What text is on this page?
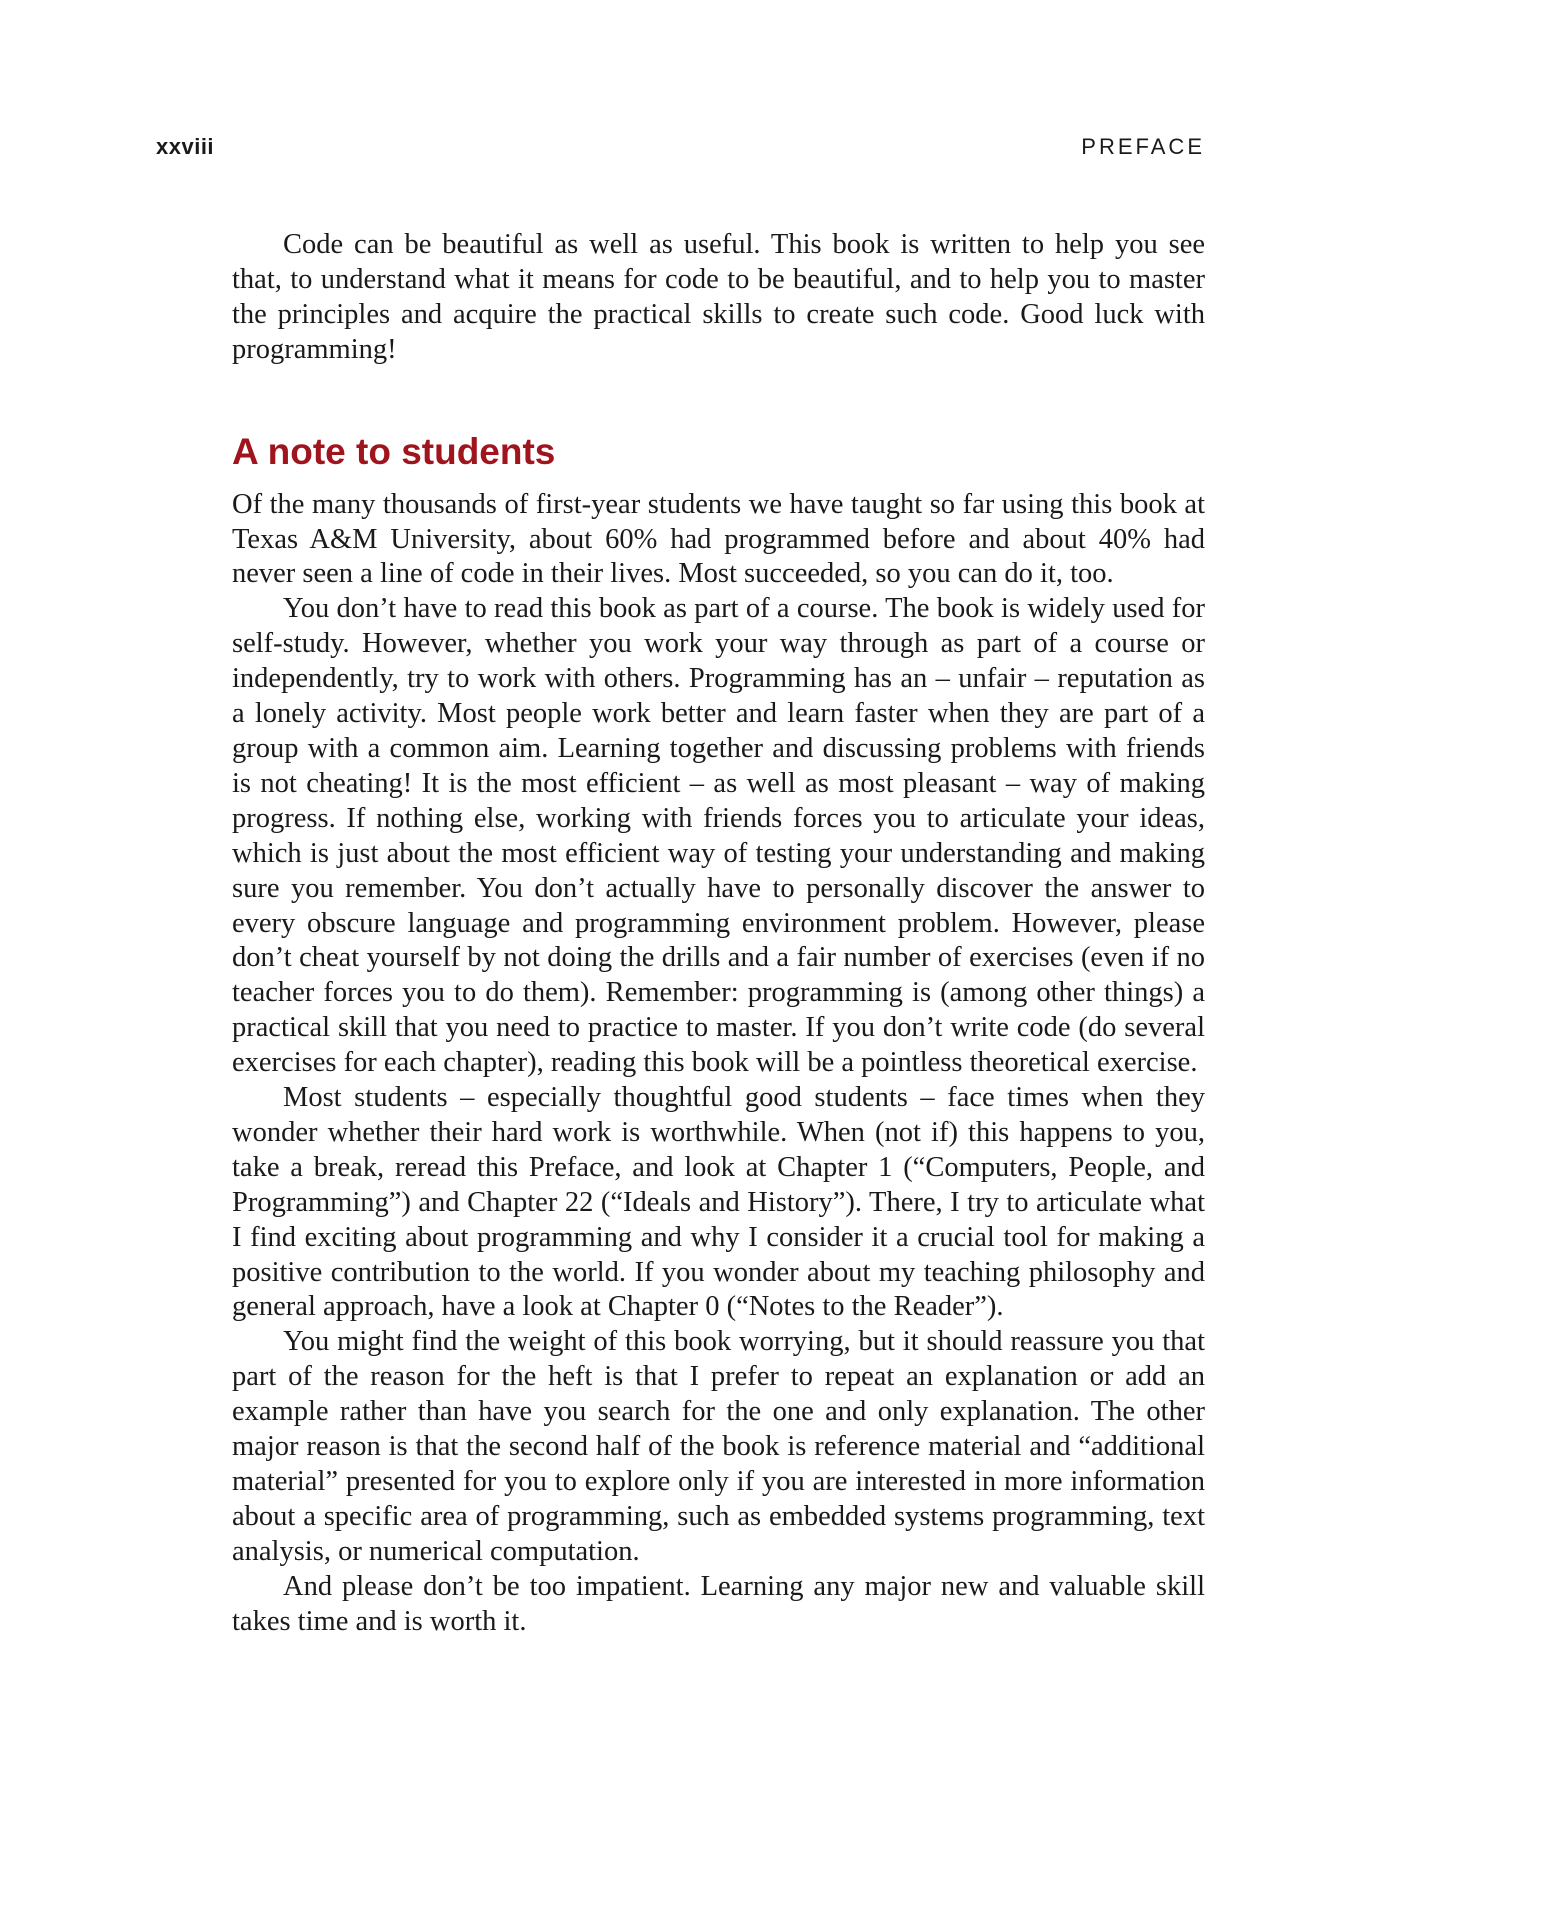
xxviii	PREFACE

Code can be beautiful as well as useful. This book is written to help you see that, to understand what it means for code to be beautiful, and to help you to master the principles and acquire the practical skills to create such code. Good luck with programming!

A note to students

Of the many thousands of first-year students we have taught so far using this book at Texas A&M University, about 60% had programmed before and about 40% had never seen a line of code in their lives. Most succeeded, so you can do it, too.

You don’t have to read this book as part of a course. The book is widely used for self-study. However, whether you work your way through as part of a course or independently, try to work with others. Programming has an – unfair – reputation as a lonely activity. Most people work better and learn faster when they are part of a group with a common aim. Learning together and discussing problems with friends is not cheating! It is the most efficient – as well as most pleasant – way of making progress. If nothing else, working with friends forces you to articulate your ideas, which is just about the most efficient way of testing your understanding and making sure you remember. You don’t actually have to personally discover the answer to every obscure language and programming environment problem. However, please don’t cheat yourself by not doing the drills and a fair number of exercises (even if no teacher forces you to do them). Remember: programming is (among other things) a practical skill that you need to practice to master. If you don’t write code (do several exercises for each chapter), reading this book will be a pointless theoretical exercise.

Most students – especially thoughtful good students – face times when they wonder whether their hard work is worthwhile. When (not if) this happens to you, take a break, reread this Preface, and look at Chapter 1 (“Computers, People, and Programming”) and Chapter 22 (“Ideals and History”). There, I try to articulate what I find exciting about programming and why I consider it a crucial tool for making a positive contribution to the world. If you wonder about my teaching philosophy and general approach, have a look at Chapter 0 (“Notes to the Reader”).

You might find the weight of this book worrying, but it should reassure you that part of the reason for the heft is that I prefer to repeat an explanation or add an example rather than have you search for the one and only explanation. The other major reason is that the second half of the book is reference material and “additional material” presented for you to explore only if you are interested in more information about a specific area of programming, such as embedded systems programming, text analysis, or numerical computation.

And please don’t be too impatient. Learning any major new and valuable skill takes time and is worth it.
